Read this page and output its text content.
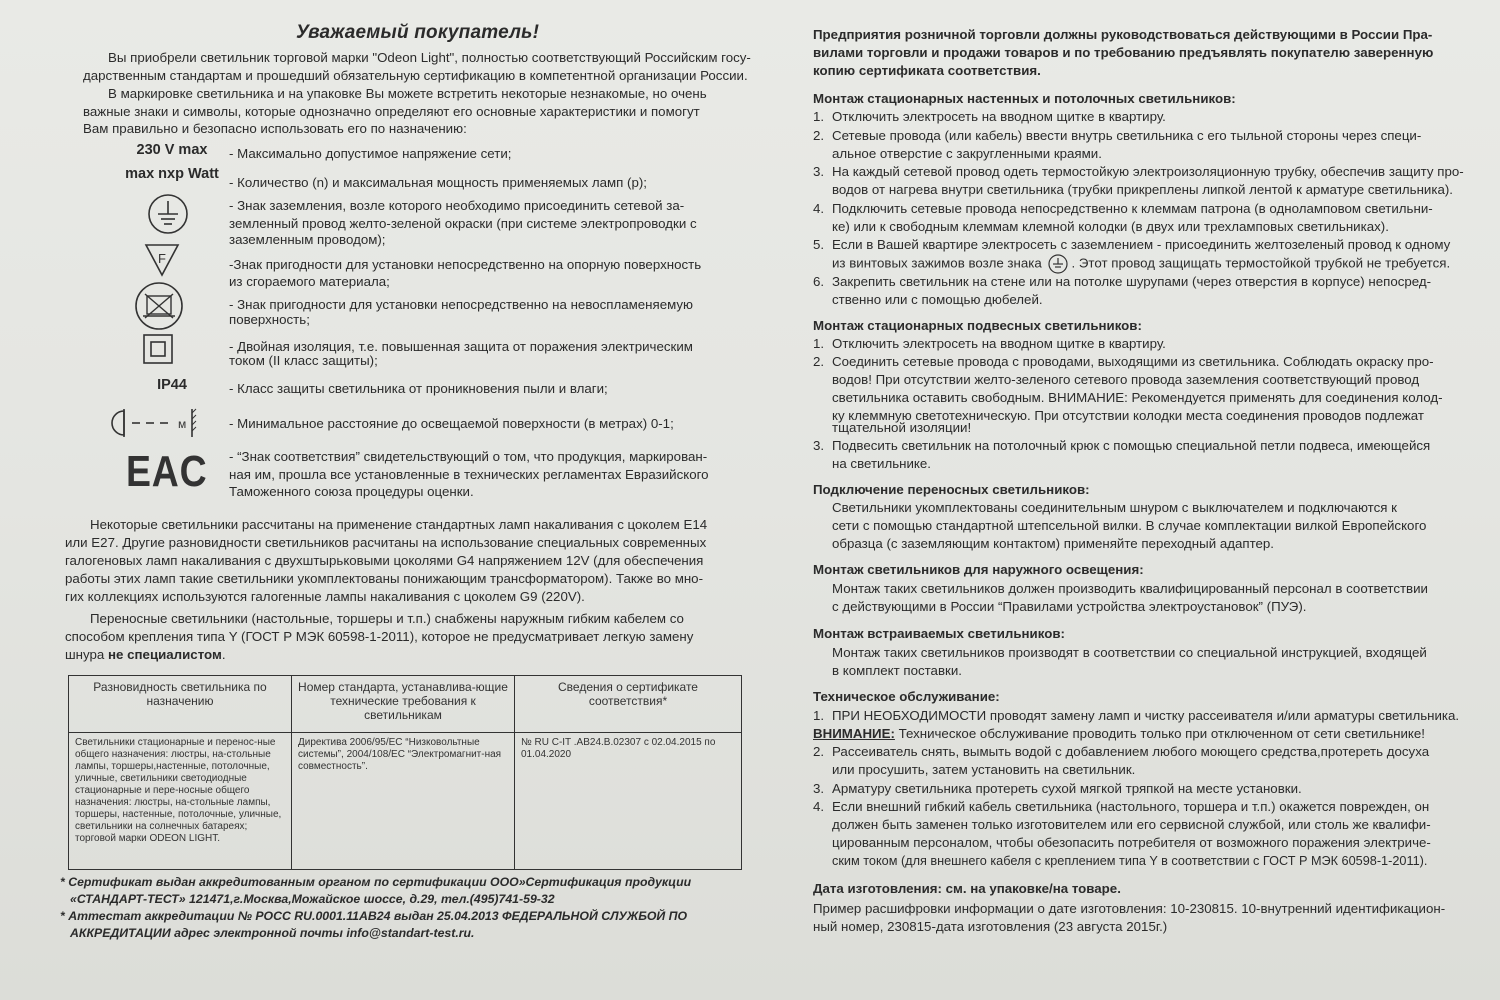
Уважаемый покупатель!
Вы приобрели светильник торговой марки "Odeon Light", полностью соответствующий Российским госу-
дарственным стандартам и прошедший обязательную сертификацию в компетентной организации России.
В маркировке светильника и на упаковке Вы можете встретить некоторые незнакомые, но очень
важные знаки и символы, которые однозначно определяют его основные характеристики и помогут
Вам правильно и безопасно использовать его по назначению:
230 V max	- Максимально допустимое напряжение сети;
max nxp Watt
- Количество (n) и максимальная мощность применяемых ламп (р);
- Знак заземления, возле которого необходимо присоединить сетевой за-
земленный провод желто-зеленой окраски (при системе электропроводки с
заземленным проводом);
F	-Знак пригодности для установки непосредственно на опорную поверхность
из сгораемого материала;
- Знак пригодности для установки непосредственно на невоспламеняемую
поверхность;
- Двойная изоляция, т.е. повышенная защита от поражения электрическим
током (II класс защиты);
IP44	- Класс защиты светильника от проникновения пыли и влаги;
м	- Минимальное расстояние до освещаемой поверхности (в метрах) 0-1;
EAC - “Знак соответствия” свидетельствующий о том, что продукция, маркирован-
ная им, прошла все установленные в технических регламентах Евразийского
Таможенного союза процедуры оценки.
Некоторые светильники рассчитаны на применение стандартных ламп накаливания с цоколем Е14
или Е27. Другие разновидности светильников расчитаны на использование специальных современных
галогеновых ламп накаливания с двухштырьковыми цоколями G4 напряжением 12V (для обеспечения
работы этих ламп такие светильники укомплектованы понижающим трансформатором). Также во мно-
гих коллекциях используются галогенные лампы накаливания с цоколем G9 (220V).
Переносные светильники (настольные, торшеры и т.п.) снабжены наружным гибким кабелем со
способом крепления типа Y (ГОСТ Р МЭК 60598-1-2011), которое не предусматривает легкую замену
шнура не специалистом.
Разновидность светильника по назначению	Номер стандарта, устанавлива-ющие технические требования к светильникам	Сведения о сертификате соответствия*
Светильники стационарные и перенос-ные общего назначения: люстры, на-стольные лампы, торшеры,настенные, потолочные, уличные, светильники светодиодные стационарные и пере-носные общего назначения: люстры, на-стольные лампы, торшеры, настенные, потолочные, уличные, светильники на солнечных батареях; торговой марки ODEON LIGHT.	Директива 2006/95/ЕС “Низковольтные системы”, 2004/108/ЕС “Электромагнит-ная совместность”.	№ RU C-IT .АВ24.В.02307 с 02.04.2015 по 01.04.2020
* Сертификат выдан аккредитованным органом по сертификации ООО»Сертификация продукции
«СТАНДАРТ-ТЕСТ» 121471,г.Москва,Можайское шоссе, д.29, тел.(495)741-59-32
* Аттестат аккредитации № РОСС RU.0001.11АВ24 выдан 25.04.2013 ФЕДЕРАЛЬНОЙ СЛУЖБОЙ ПО
АККРЕДИТАЦИИ адрес электронной почты info@standart-test.ru.
Предприятия розничной торговли должны руководствоваться действующими в России Пра-
вилами торговли и продажи товаров и по требованию предъявлять покупателю заверенную
копию сертификата соответствия.
Монтаж стационарных настенных и потолочных светильников:
1. Отключить электросеть на вводном щитке в квартиру.
2. Сетевые провода (или кабель) ввести внутрь светильника с его тыльной стороны через специ-
альное отверстие с закругленными краями.
3. На каждый сетевой провод одеть термостойкую электроизоляционную трубку, обеспечив защиту про-
водов от нагрева внутри светильника (трубки прикреплены липкой лентой к арматуре светильника).
4. Подключить сетевые провода непосредственно к клеммам патрона (в одноламповом светильни-
ке) или к свободным клеммам клемной колодки (в двух или трехламповых светильниках).
5. Если в Вашей квартире электросеть с заземлением - присоединить желтозеленый провод к одному
из винтовых зажимов возле знака . Этот провод защищать термостойкой трубкой не требуется.
6. Закрепить светильник на стене или на потолке шурупами (через отверстия в корпусе) непосред-
ственно или с помощью дюбелей.
Монтаж стационарных подвесных светильников:
1. Отключить электросеть на вводном щитке в квартиру.
2. Соединить сетевые провода с проводами, выходящими из светильника. Соблюдать окраску про-
водов! При отсутствии желто-зеленого сетевого провода заземления соответствующий провод
светильника оставить свободным. ВНИМАНИЕ: Рекомендуется применять для соединения колод-
ку клеммную светотехническую. При отсутствии колодки места соединения проводов подлежат
тщательной изоляции!
3. Подвесить светильник на потолочный крюк с помощью специальной петли подвеса, имеющейся
на светильнике.
Подключение переносных светильников:
Светильники укомплектованы соединительным шнуром с выключателем и подключаются к
сети с помощью стандартной штепсельной вилки. В случае комплектации вилкой Европейского
образца (с заземляющим контактом) применяйте переходный адаптер.
Монтаж светильников для наружного освещения:
Монтаж таких светильников должен производить квалифицированный персонал в соответствии
с действующими в России “Правилами устройства электроустановок” (ПУЭ).
Монтаж встраиваемых светильников:
Монтаж таких светильников производят в соответствии со специальной инструкцией, входящей
в комплект поставки.
Техническое обслуживание:
1. ПРИ НЕОБХОДИМОСТИ проводят замену ламп и чистку рассеивателя и/или арматуры светильника.
ВНИМАНИЕ: Техническое обслуживание проводить только при отключенном от сети светильнике!
2. Рассеиватель снять, вымыть водой с добавлением любого моющего средства,протереть досуха
или просушить, затем установить на светильник.
3. Арматуру светильника протереть сухой мягкой тряпкой на месте установки.
4. Если внешний гибкий кабель светильника (настольного, торшера и т.п.) окажется поврежден, он
должен быть заменен только изготовителем или его сервисной службой, или столь же квалифи-
цированным персоналом, чтобы обезопасить потребителя от возможного поражения электриче-
ским током (для внешнего кабеля с креплением типа Y в соответствии с ГОСТ Р МЭК 60598-1-2011).
Дата изготовления: см. на упаковке/на товаре.
Пример расшифровки информации о дате изготовления: 10-230815. 10-внутренний идентификацион-
ный номер, 230815-дата изготовления (23 августа 2015г.)
